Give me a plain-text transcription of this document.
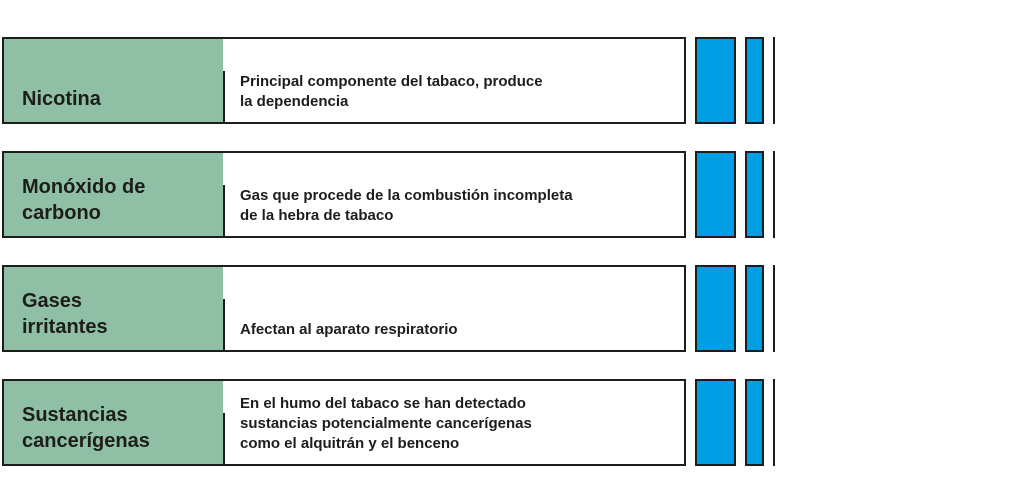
Nicotina
Principal componente del tabaco, produce
la dependencia
Monóxido de
carbono
Gas que procede de la combustión incompleta
de la hebra de tabaco
Gases
irritantes	Afectan al aparato respiratorio
Sustancias
cancerígenas
En el humo del tabaco se han detectado
sustancias potencialmente cancerígenas
como el alquitrán y el benceno
